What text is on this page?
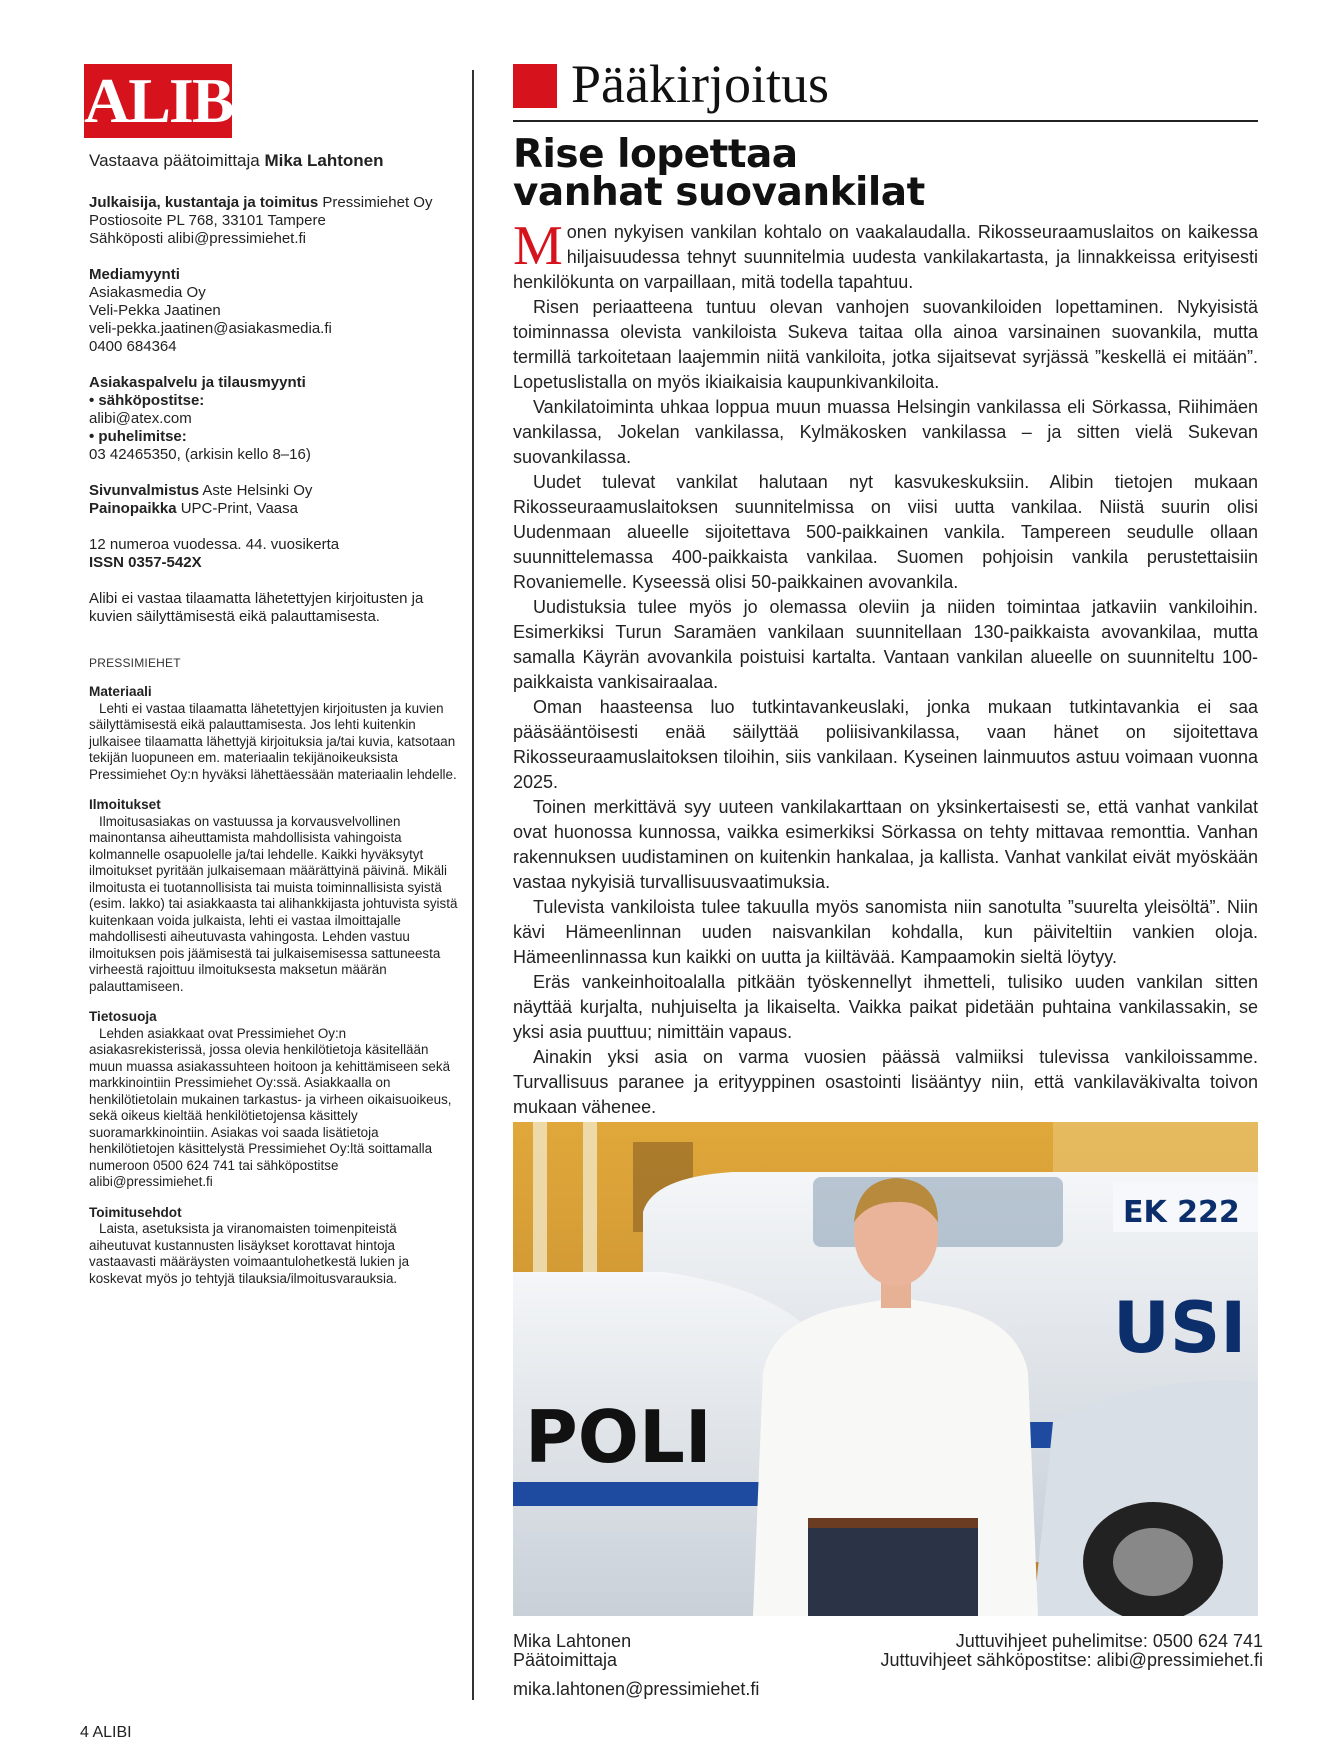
ALIBI

Vastaava päätoimittaja Mika Lahtonen

Julkaisija, kustantaja ja toimitus Pressimiehet Oy

Postiosoite PL 768, 33101 Tampere

Sähköposti alibi@pressimiehet.fi

Mediamyynti

Asiakasmedia Oy

Veli-Pekka Jaatinen

veli-pekka.jaatinen@asiakasmedia.fi

0400 684364

Asiakaspalvelu ja tilausmyynti

• sähköpostitse:

alibi@atex.com

• puhelimitse:

03 42465350, (arkisin kello 8–16)

Sivunvalmistus Aste Helsinki Oy

Painopaikka UPC-Print, Vaasa

12 numeroa vuodessa. 44. vuosikerta

ISSN 0357-542X

Alibi ei vastaa tilaamatta lähetettyjen kirjoitusten ja kuvien säilyttämisestä eikä palauttamisesta.

PRESSIMIEHET

Materiaali
Lehti ei vastaa tilaamatta lähetettyjen kirjoitusten ja kuvien säilyttämisestä eikä palauttamisesta. Jos lehti kuitenkin julkaisee tilaamatta lähettyjä kirjoituksia ja/tai kuvia, katsotaan tekijän luopuneen em. materiaalin tekijänoikeuksista Pressimiehet Oy:n hyväksi lähettäessään materiaalin lehdelle.

Ilmoitukset
Ilmoitusasiakas on vastuussa ja korvausvelvollinen mainontansa aiheuttamista mahdollisista vahingoista kolmannelle osapuolelle ja/tai lehdelle. Kaikki hyväksytyt ilmoitukset pyritään julkaisemaan määrättyinä päivinä. Mikäli ilmoitusta ei tuotannollisista tai muista toiminnallisista syistä (esim. lakko) tai asiakkaasta tai alihankkijasta johtuvista syistä kuitenkaan voida julkaista, lehti ei vastaa ilmoittajalle mahdollisesti aiheutuvasta vahingosta. Lehden vastuu ilmoituksen pois jäämisestä tai julkaisemisessa sattuneesta virheestä rajoittuu ilmoituksesta maksetun määrän palauttamiseen.

Tietosuoja
Lehden asiakkaat ovat Pressimiehet Oy:n asiakasrekisterissä, jossa olevia henkilötietoja käsitellään muun muassa asiakassuhteen hoitoon ja kehittämiseen sekä markkinointiin Pressimiehet Oy:ssä. Asiakkaalla on henkilötietolain mukainen tarkastus- ja virheen oikaisuoikeus, sekä oikeus kieltää henkilötietojensa käsittely suoramarkkinointiin. Asiakas voi saada lisätietoja henkilötietojen käsittelystä Pressimiehet Oy:ltä soittamalla numeroon 0500 624 741 tai sähköpostitse alibi@pressimiehet.fi

Toimitusehdot
Laista, asetuksista ja viranomaisten toimenpiteistä aiheutuvat kustannusten lisäykset korottavat hintoja vastaavasti määräysten voimaantulohetkestä lukien ja koskevat myös jo tehtyjä tilauksia/ilmoitusvarauksia.

Pääkirjoitus
Rise lopettaa
vanhat suovankilat

Monen nykyisen vankilan kohtalo on vaakalaudalla. Rikosseuraamuslaitos on kaikessa hiljaisuudessa tehnyt suunnitelmia uudesta vankilakartasta, ja linnakkeissa erityisesti henkilökunta on varpaillaan, mitä todella tapahtuu.

Risen periaatteena tuntuu olevan vanhojen suovankiloiden lopettaminen. Nykyisistä toiminnassa olevista vankiloista Sukeva taitaa olla ainoa varsinainen suovankila, mutta termillä tarkoitetaan laajemmin niitä vankiloita, jotka sijaitsevat syrjässä ”keskellä ei mitään”. Lopetuslistalla on myös ikiaikaisia kaupunkivankiloita.

Vankilatoiminta uhkaa loppua muun muassa Helsingin vankilassa eli Sörkassa, Riihimäen vankilassa, Jokelan vankilassa, Kylmäkosken vankilassa – ja sitten vielä Sukevan suovankilassa.

Uudet tulevat vankilat halutaan nyt kasvukeskuksiin. Alibin tietojen mukaan Rikosseuraamuslaitoksen suunnitelmissa on viisi uutta vankilaa. Niistä suurin olisi Uudenmaan alueelle sijoitettava 500-paikkainen vankila. Tampereen seudulle ollaan suunnittelemassa 400-paikkaista vankilaa. Suomen pohjoisin vankila perustettaisiin Rovaniemelle. Kyseessä olisi 50-paikkainen avovankila.

Uudistuksia tulee myös jo olemassa oleviin ja niiden toimintaa jatkaviin vankiloihin. Esimerkiksi Turun Saramäen vankilaan suunnitellaan 130-paikkaista avovankilaa, mutta samalla Käyrän avovankila poistuisi kartalta. Vantaan vankilan alueelle on suunniteltu 100-paikkaista vankisairaalaa.

Oman haasteensa luo tutkintavankeuslaki, jonka mukaan tutkintavankia ei saa pääsääntöisesti enää säilyttää poliisivankilassa, vaan hänet on sijoitettava Rikosseuraamuslaitoksen tiloihin, siis vankilaan. Kyseinen lainmuutos astuu voimaan vuonna 2025.

Toinen merkittävä syy uuteen vankilakarttaan on yksinkertaisesti se, että vanhat vankilat ovat huonossa kunnossa, vaikka esimerkiksi Sörkassa on tehty mittavaa remonttia. Vanhan rakennuksen uudistaminen on kuitenkin hankalaa, ja kallista. Vanhat vankilat eivät myöskään vastaa nykyisiä turvallisuusvaatimuksia.

Tulevista vankiloista tulee takuulla myös sanomista niin sanotulta ”suurelta yleisöltä”. Niin kävi Hämeenlinnan uuden naisvankilan kohdalla, kun päiviteltiin vankien oloja. Hämeenlinnassa kun kaikki on uutta ja kiiltävää. Kampaamokin sieltä löytyy.

Eräs vankeinhoitoalalla pitkään työskennellyt ihmetteli, tulisiko uuden vankilan sitten näyttää kurjalta, nuhjuiselta ja likaiselta. Vaikka paikat pidetään puhtaina vankilassakin, se yksi asia puuttuu; nimittäin vapaus.

Ainakin yksi asia on varma vuosien päässä valmiiksi tulevissa vankiloissamme. Turvallisuus paranee ja erityyppinen osastointi lisääntyy niin, että vankilaväkivalta toivon mukaan vähenee.

EK 222
USI
POLI

Mika Lahtonen

Päätoimittaja

mika.lahtonen@pressimiehet.fi

Juttuvihjeet puhelimitse: 0500 624 741

Juttuvihjeet sähköpostitse: alibi@pressimiehet.fi

4 ALIBI
